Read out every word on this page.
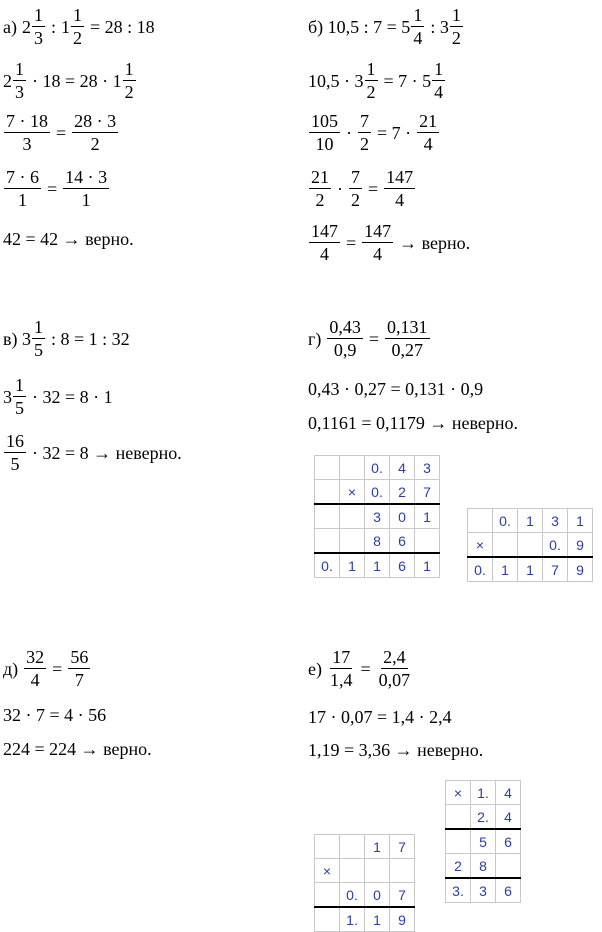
а) $2 \frac{1}{3}$ : $1 \frac{1}{2} = 28$ : 18
$2 \frac{1}{3} \cdot 18 = 28 \cdot 1 \frac{1}{2}$
$\frac{7 \cdot 18}{3} = \frac{28 \cdot 3}{2}$
$\frac{7 \cdot 6}{1} = \frac{14 \cdot 3}{1}$
42 = 42 → верно.
б) 10,5 : $7 = 5 \frac{1}{4}$ : $3 \frac{1}{2}$
$10,5 \cdot 3 \frac{1}{2} = 7 \cdot 5 \frac{1}{4}$
$\frac{105}{10} \cdot \frac{7}{2} = 7 \cdot \frac{21}{4}$
$\frac{21}{2} \cdot \frac{7}{2} = \frac{147}{4}$
$\frac{147}{4} = \frac{147}{4}$ → верно.
в) $3 \frac{1}{5}$ : 8 = 1 : 32
$3 \frac{1}{5} \cdot 32 = 8 \cdot 1$
$\frac{16}{5} \cdot 32 = 8$ → неверно.
$г) \frac{0,43}{0,9} = \frac{0,131}{0,27}$
0,43 · 0,27 = 0,131 · 0,9
0,1161 = 0,1179 → неверно.
		0.	4	3
	×	0.	2	7
		3	0	1
		8	6	
0.	1	1	6	1
	0.	1	3	1
×			0.	9
0.	1	1	7	9
$д) \frac{32}{4} = \frac{56}{7}$
32 · 7 = 4 · 56
224 = 224 → верно.
$е) \frac{17}{1,4} = \frac{2,4}{0,07}$
17 · 0,07 = 1,4 · 2,4
1,19 = 3,36 → неверно.
×	1.	4
	2.	4
	5	6
2	8	
3.	3	6
		1	7
×			
	0.	0	7
	1.	1	9
